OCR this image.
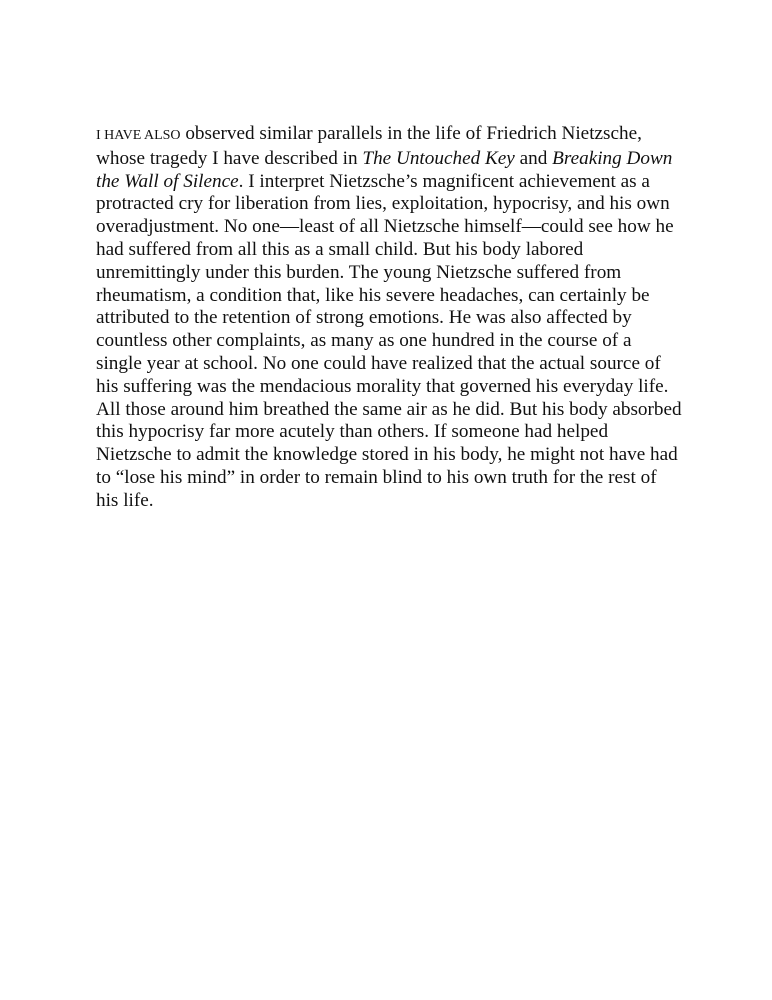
I HAVE ALSO observed similar parallels in the life of Friedrich Nietzsche,
whose tragedy I have described in The Untouched Key and Breaking Down
the Wall of Silence. I interpret Nietzsche’s magnificent achievement as a
protracted cry for liberation from lies, exploitation, hypocrisy, and his own
overadjustment. No one—least of all Nietzsche himself—could see how he
had suffered from all this as a small child. But his body labored
unremittingly under this burden. The young Nietzsche suffered from
rheumatism, a condition that, like his severe headaches, can certainly be
attributed to the retention of strong emotions. He was also affected by
countless other complaints, as many as one hundred in the course of a
single year at school. No one could have realized that the actual source of
his suffering was the mendacious morality that governed his everyday life.
All those around him breathed the same air as he did. But his body absorbed
this hypocrisy far more acutely than others. If someone had helped
Nietzsche to admit the knowledge stored in his body, he might not have had
to “lose his mind” in order to remain blind to his own truth for the rest of
his life.
